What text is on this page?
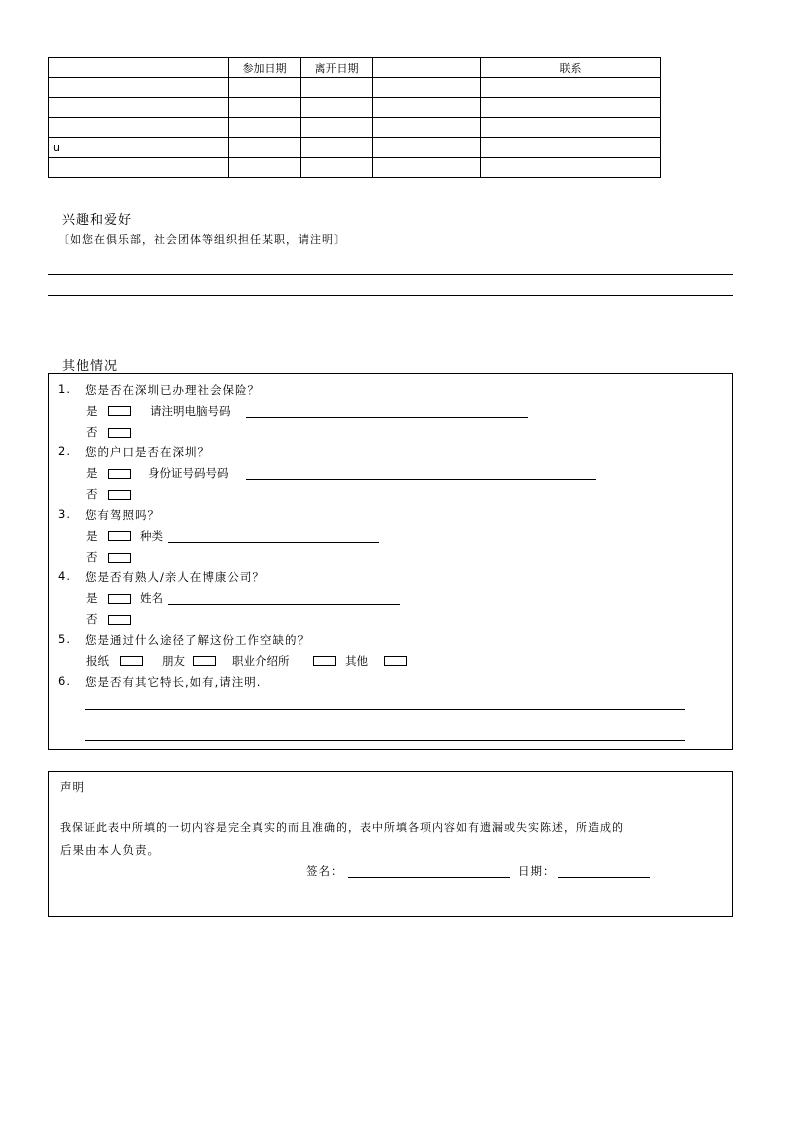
	参加日期	离开日期		联系

u				

兴趣和爱好
〔如您在俱乐部，社会团体等组织担任某职，请注明〕
其他情况
1. 您是否在深圳已办理社会保险？
是	请注明电脑号码
否
2. 您的户口是否在深圳？
是	身份证号码号码
否
3. 您有驾照吗？
是	种类
否
4. 您是否有熟人/亲人在博康公司？
是	姓名
否
5. 您是通过什么途径了解这份工作空缺的？
报纸	朋友	职业介绍所	其他
6. 您是否有其它特长,如有,请注明.
声明
我保证此表中所填的一切内容是完全真实的而且准确的，表中所填各项内容如有遗漏或失实陈述，所造成的
后果由本人负责。
签名：	日期：
